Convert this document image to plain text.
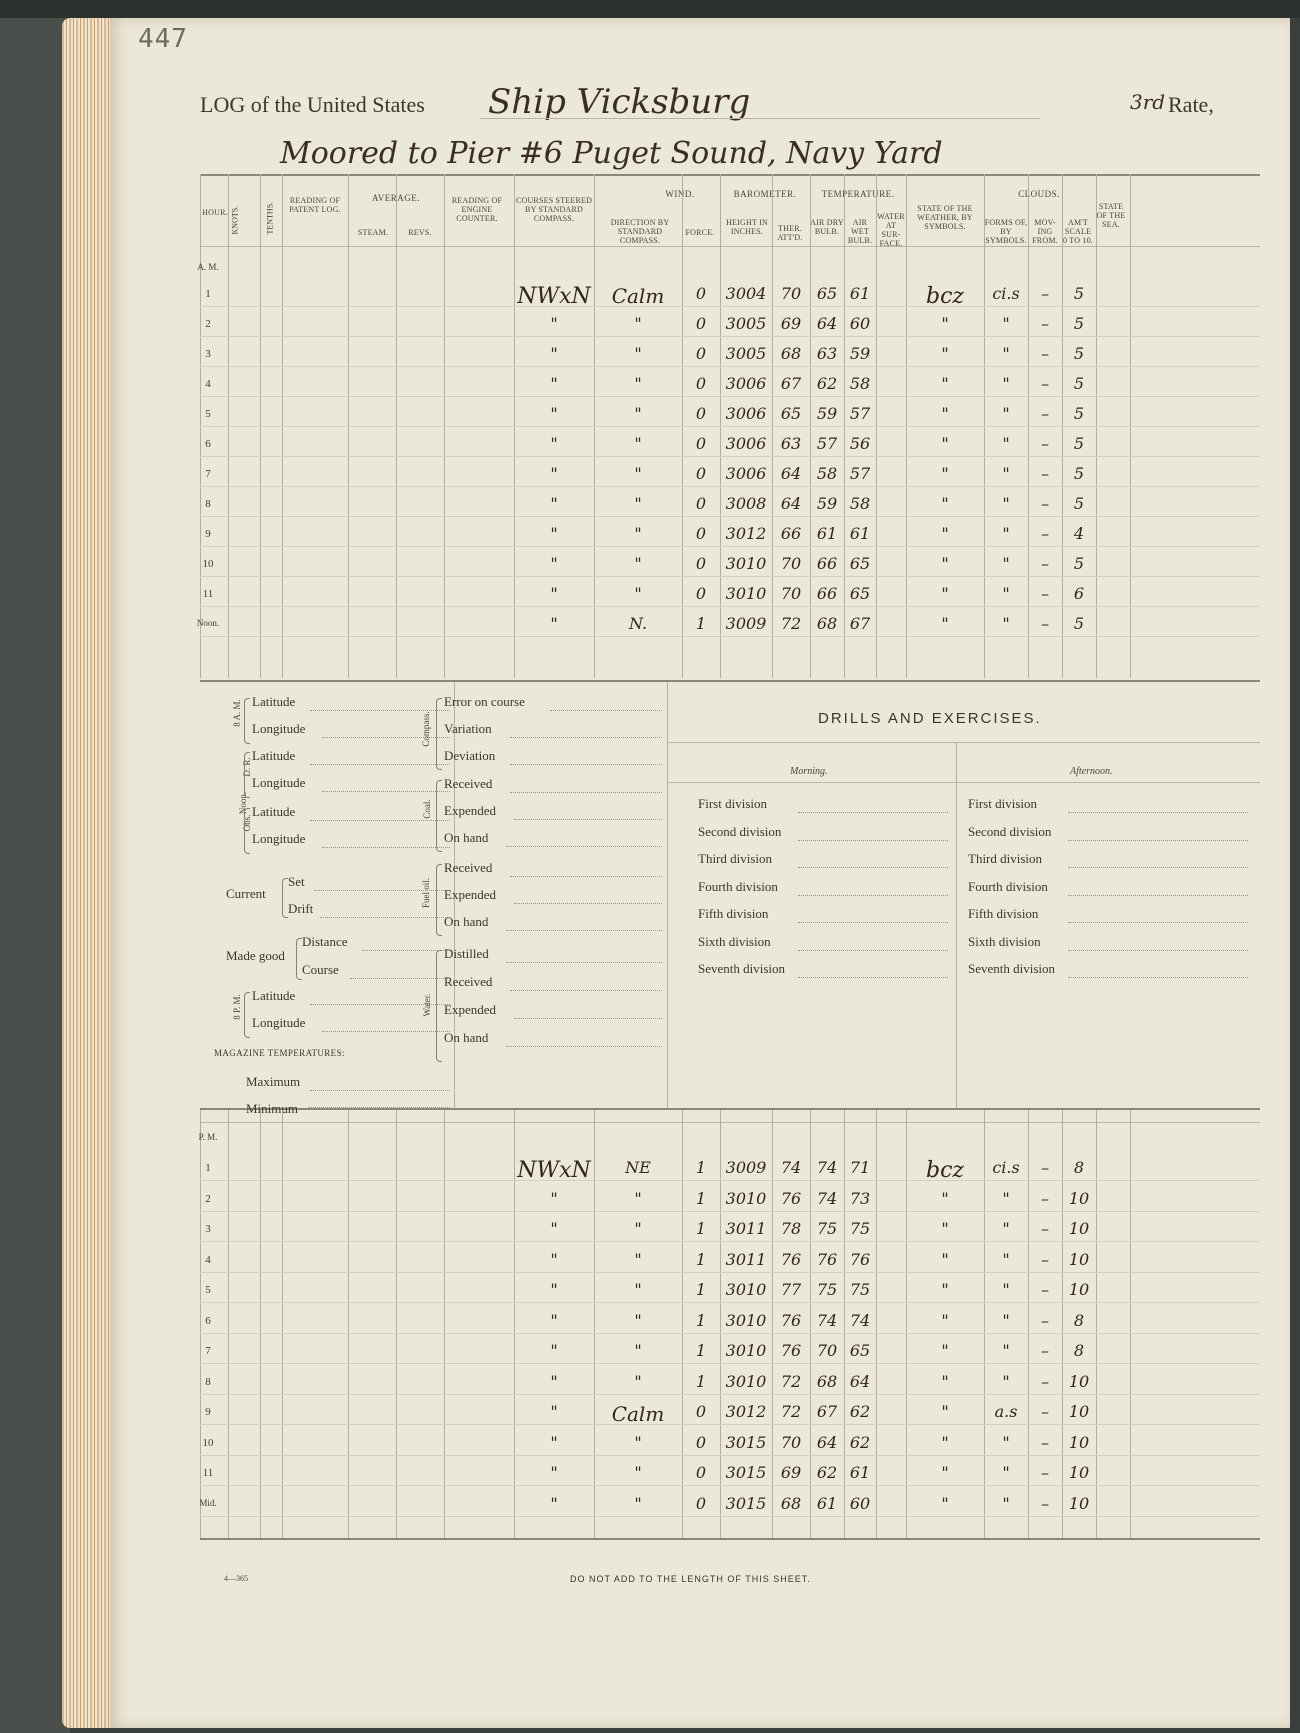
447
LOG of the United States Ship Vicksburg	3rd Rate,
Moored to Pier #6 Puget Sound, Navy Yard
HOUR. KNOTS.	TENTHS.
READING OF PATENT LOG.
AVERAGE.
STEAM.	REVS.
READING OF ENGINE COUNTER.
COURSES STEERED BY STANDARD COMPASS.
WIND.
DIRECTION BY STANDARD COMPASS.
FORCE.
BAROMETER.
HEIGHT IN INCHES.	THER. ATT'D.
TEMPERATURE.
AIR DRY BULB.
AIR WET BULB.
WATER AT SUR-FACE.
STATE OF THE WEATHER, BY SYMBOLS.
CLOUDS.
FORMS OF, BY SYMBOLS.
MOV-ING FROM.
AM'T SCALE 0 TO 10.
STATE OF THE SEA.
A. M.
1	NWxN	Calm	0	3004 70 65 61	bcz	ci.s	–	5
2	"	"	0	3005 69 64 60	"	"	–	5
3	"	"	0	3005 68 63 59	"	"	–	5
4	"	"	0	3006 67 62 58	"	"	–	5
5	"	"	0	3006 65 59 57	"	"	–	5
6	"	"	0	3006 63 57 56	"	"	–	5
7	"	"	0	3006 64 58 57	"	"	–	5
8	"	"	0	3008 64 59 58	"	"	–	5
9	"	"	0	3012 66 61 61	"	"	–	4
10	"	"	0	3010 70 66 65	"	"	–	5
11	"	"	0	3010 70 66 65	"	"	–	6
Noon.	"	N.	1	3009 72 68 67	"	"	–	5
8 A. M. Latitude
Longitude
Noon.
D. R.
Latitude
Longitude
Obs.
Latitude
Longitude
Current
Set
Drift
Made good
Distance
Course
8 P. M. Latitude
Longitude
MAGAZINE TEMPERATURES:
Maximum
Minimum
Compass.
Error on course
Variation
Deviation
Coal.
Received
Expended
On hand
Fuel oil.
Received
Expended
On hand
Water.
Distilled
Received
Expended
On hand
DRILLS AND EXERCISES.
Morning.	Afternoon.
First division
Second division
Third division
Fourth division
Fifth division
Sixth division
Seventh division
First division
Second division
Third division
Fourth division
Fifth division
Sixth division
Seventh division
P. M.
1	NWxN	NE	1	3009 74 74 71	bcz	ci.s	–	8
2	"	"	1	3010 76 74 73	"	"	–	10
3	"	"	1	3011 78 75 75	"	"	–	10
4	"	"	1	3011 76 76 76	"	"	–	10
5	"	"	1	3010 77 75 75	"	"	–	10
6	"	"	1	3010 76 74 74	"	"	–	8
7	"	"	1	3010 76 70 65	"	"	–	8
8	"	"	1	3010 72 68 64	"	"	–	10
9	"	Calm	0	3012 72 67 62	"	a.s	–	10
10	"	"	0	3015 70 64 62	"	"	–	10
11	"	"	0	3015 69 62 61	"	"	–	10
Mid.	"	"	0	3015 68 61 60	"	"	–	10
4—365	DO NOT ADD TO THE LENGTH OF THIS SHEET.
